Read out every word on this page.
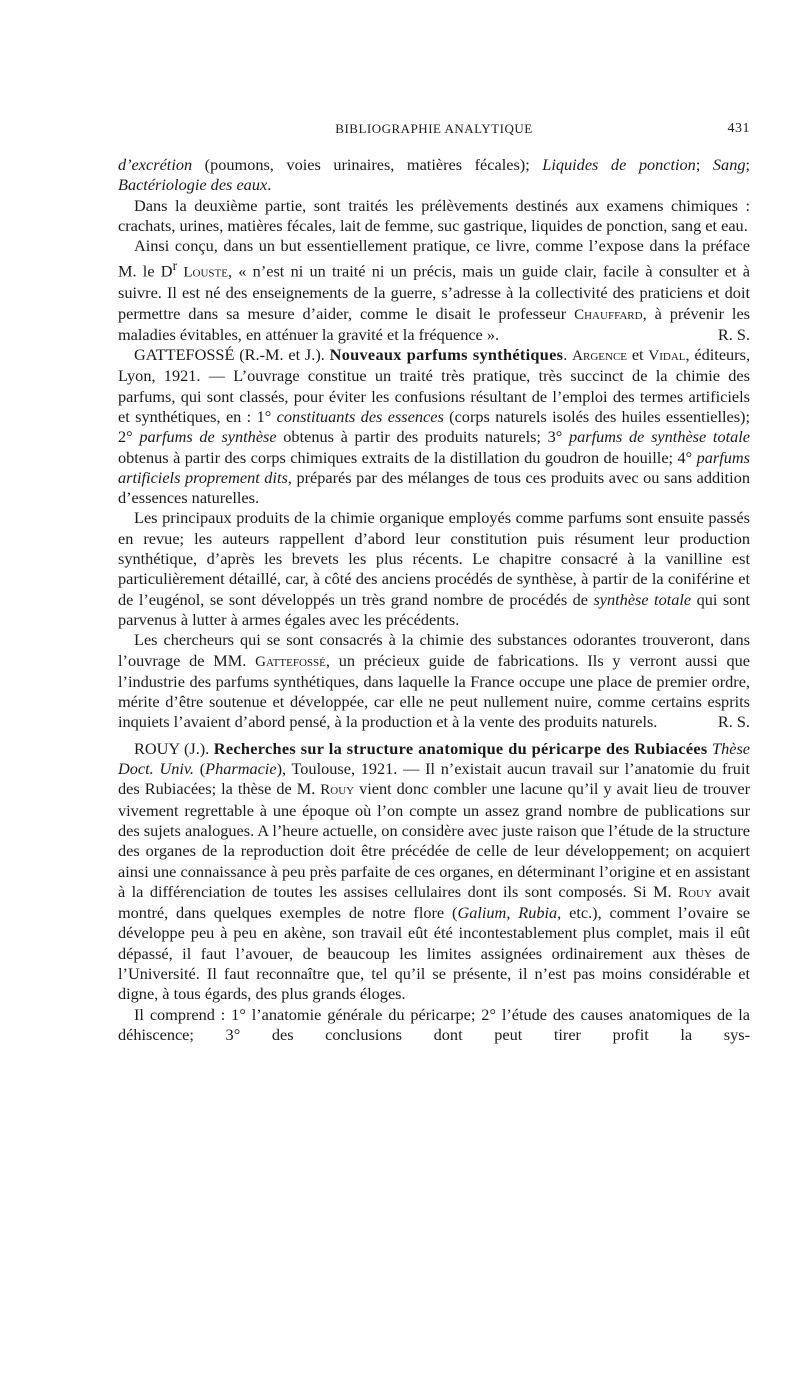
BIBLIOGRAPHIE ANALYTIQUE	431

d’excrétion (poumons, voies urinaires, matières fécales); Liquides de ponction; Sang; Bactériologie des eaux.

Dans la deuxième partie, sont traités les prélèvements destinés aux examens chimiques : crachats, urines, matières fécales, lait de femme, suc gastrique, liquides de ponction, sang et eau.

Ainsi conçu, dans un but essentiellement pratique, ce livre, comme l’expose dans la préface M. le $D^r$ Louste, « n’est ni un traité ni un précis, mais un guide clair, facile à consulter et à suivre. Il est né des enseignements de la guerre, s’adresse à la collectivité des praticiens et doit permettre dans sa mesure d’aider, comme le disait le professeur Chauffard, à prévenir les maladies évitables, en atténuer la gravité et la fréquence ».	R. S.

GATTEFOSSÉ (R.-M. et J.). Nouveaux parfums synthétiques. Argence et Vidal, éditeurs, Lyon, 1921. — L’ouvrage constitue un traité très pratique, très succinct de la chimie des parfums, qui sont classés, pour éviter les confusions résultant de l’emploi des termes artificiels et synthétiques, en : 1° constituants des essences (corps naturels isolés des huiles essentielles); 2° parfums de synthèse obtenus à partir des produits naturels; 3° parfums de synthèse totale obtenus à partir des corps chimiques extraits de la distillation du goudron de houille; 4° parfums artificiels proprement dits, préparés par des mélanges de tous ces produits avec ou sans addition d’essences naturelles.

Les principaux produits de la chimie organique employés comme parfums sont ensuite passés en revue; les auteurs rappellent d’abord leur constitution puis résument leur production synthétique, d’après les brevets les plus récents. Le chapitre consacré à la vanilline est particulièrement détaillé, car, à côté des anciens procédés de synthèse, à partir de la coniférine et de l’eugénol, se sont développés un très grand nombre de procédés de synthèse totale qui sont parvenus à lutter à armes égales avec les précédents.

Les chercheurs qui se sont consacrés à la chimie des substances odorantes trouveront, dans l’ouvrage de MM. Gattefossé, un précieux guide de fabrications. Ils y verront aussi que l’industrie des parfums synthétiques, dans laquelle la France occupe une place de premier ordre, mérite d’être soutenue et développée, car elle ne peut nullement nuire, comme certains esprits inquiets l’avaient d’abord pensé, à la production et à la vente des produits naturels.	R. S.

ROUY (J.). Recherches sur la structure anatomique du péricarpe des Rubiacées Thèse Doct. Univ. (Pharmacie), Toulouse, 1921. — Il n’existait aucun travail sur l’anatomie du fruit des Rubiacées; la thèse de M. Rouy vient donc combler une lacune qu’il y avait lieu de trouver vivement regrettable à une époque où l’on compte un assez grand nombre de publications sur des sujets analogues. A l’heure actuelle, on considère avec juste raison que l’étude de la structure des organes de la reproduction doit être précédée de celle de leur développement; on acquiert ainsi une connaissance à peu près parfaite de ces organes, en déterminant l’origine et en assistant à la différenciation de toutes les assises cellulaires dont ils sont composés. Si M. Rouy avait montré, dans quelques exemples de notre flore (Galium, Rubia, etc.), comment l’ovaire se développe peu à peu en akène, son travail eût été incontestablement plus complet, mais il eût dépassé, il faut l’avouer, de beaucoup les limites assignées ordinairement aux thèses de l’Université. Il faut reconnaître que, tel qu’il se présente, il n’est pas moins considérable et digne, à tous égards, des plus grands éloges.

Il comprend : 1° l’anatomie générale du péricarpe; 2° l’étude des causes anatomiques de la déhiscence; 3° des conclusions dont peut tirer profit la sys-
